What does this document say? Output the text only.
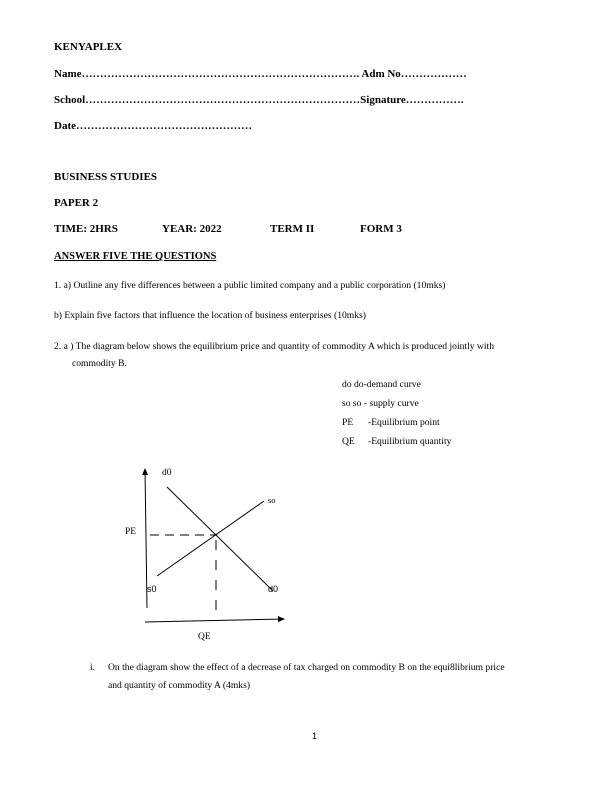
KENYAPLEX
Name…………………………………………………………………. Adm No………………
School…………………………………………………………………Signature…………….
Date…………………………………………
BUSINESS STUDIES
PAPER 2
TIME: 2HRS	YEAR: 2022	TERM II	FORM 3
ANSWER FIVE THE QUESTIONS
1. a) Outline any five differences between a public limited company and a public corporation (10mks)
b) Explain five factors that influence the location of business enterprises (10mks)
2. a ) The diagram below shows the equilibrium price and quantity of commodity A which is produced jointly with
commodity B.
do do-demand curve
so so - supply curve
PE -Equilibrium point
QE -Equilibrium quantity
d0
so
PE
s0	d0
QE
i. On the diagram show the effect of a decrease of tax charged on commodity B on the equi8librium price
and quantity of commodity A (4mks)
1
